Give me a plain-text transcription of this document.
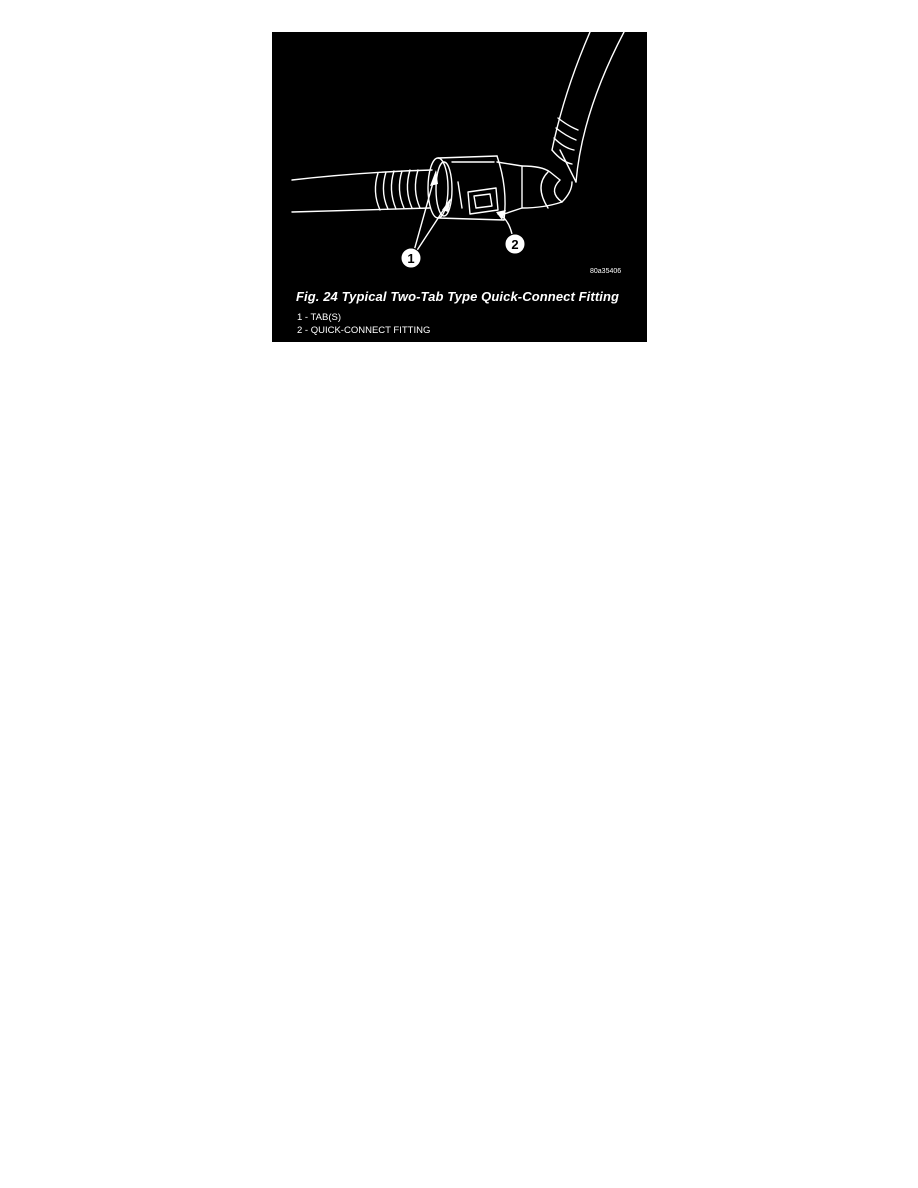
1
2
80a35406
Fig. 24 Typical Two-Tab Type Quick-Connect Fitting
1 - TAB(S)
2 - QUICK-CONNECT FITTING
